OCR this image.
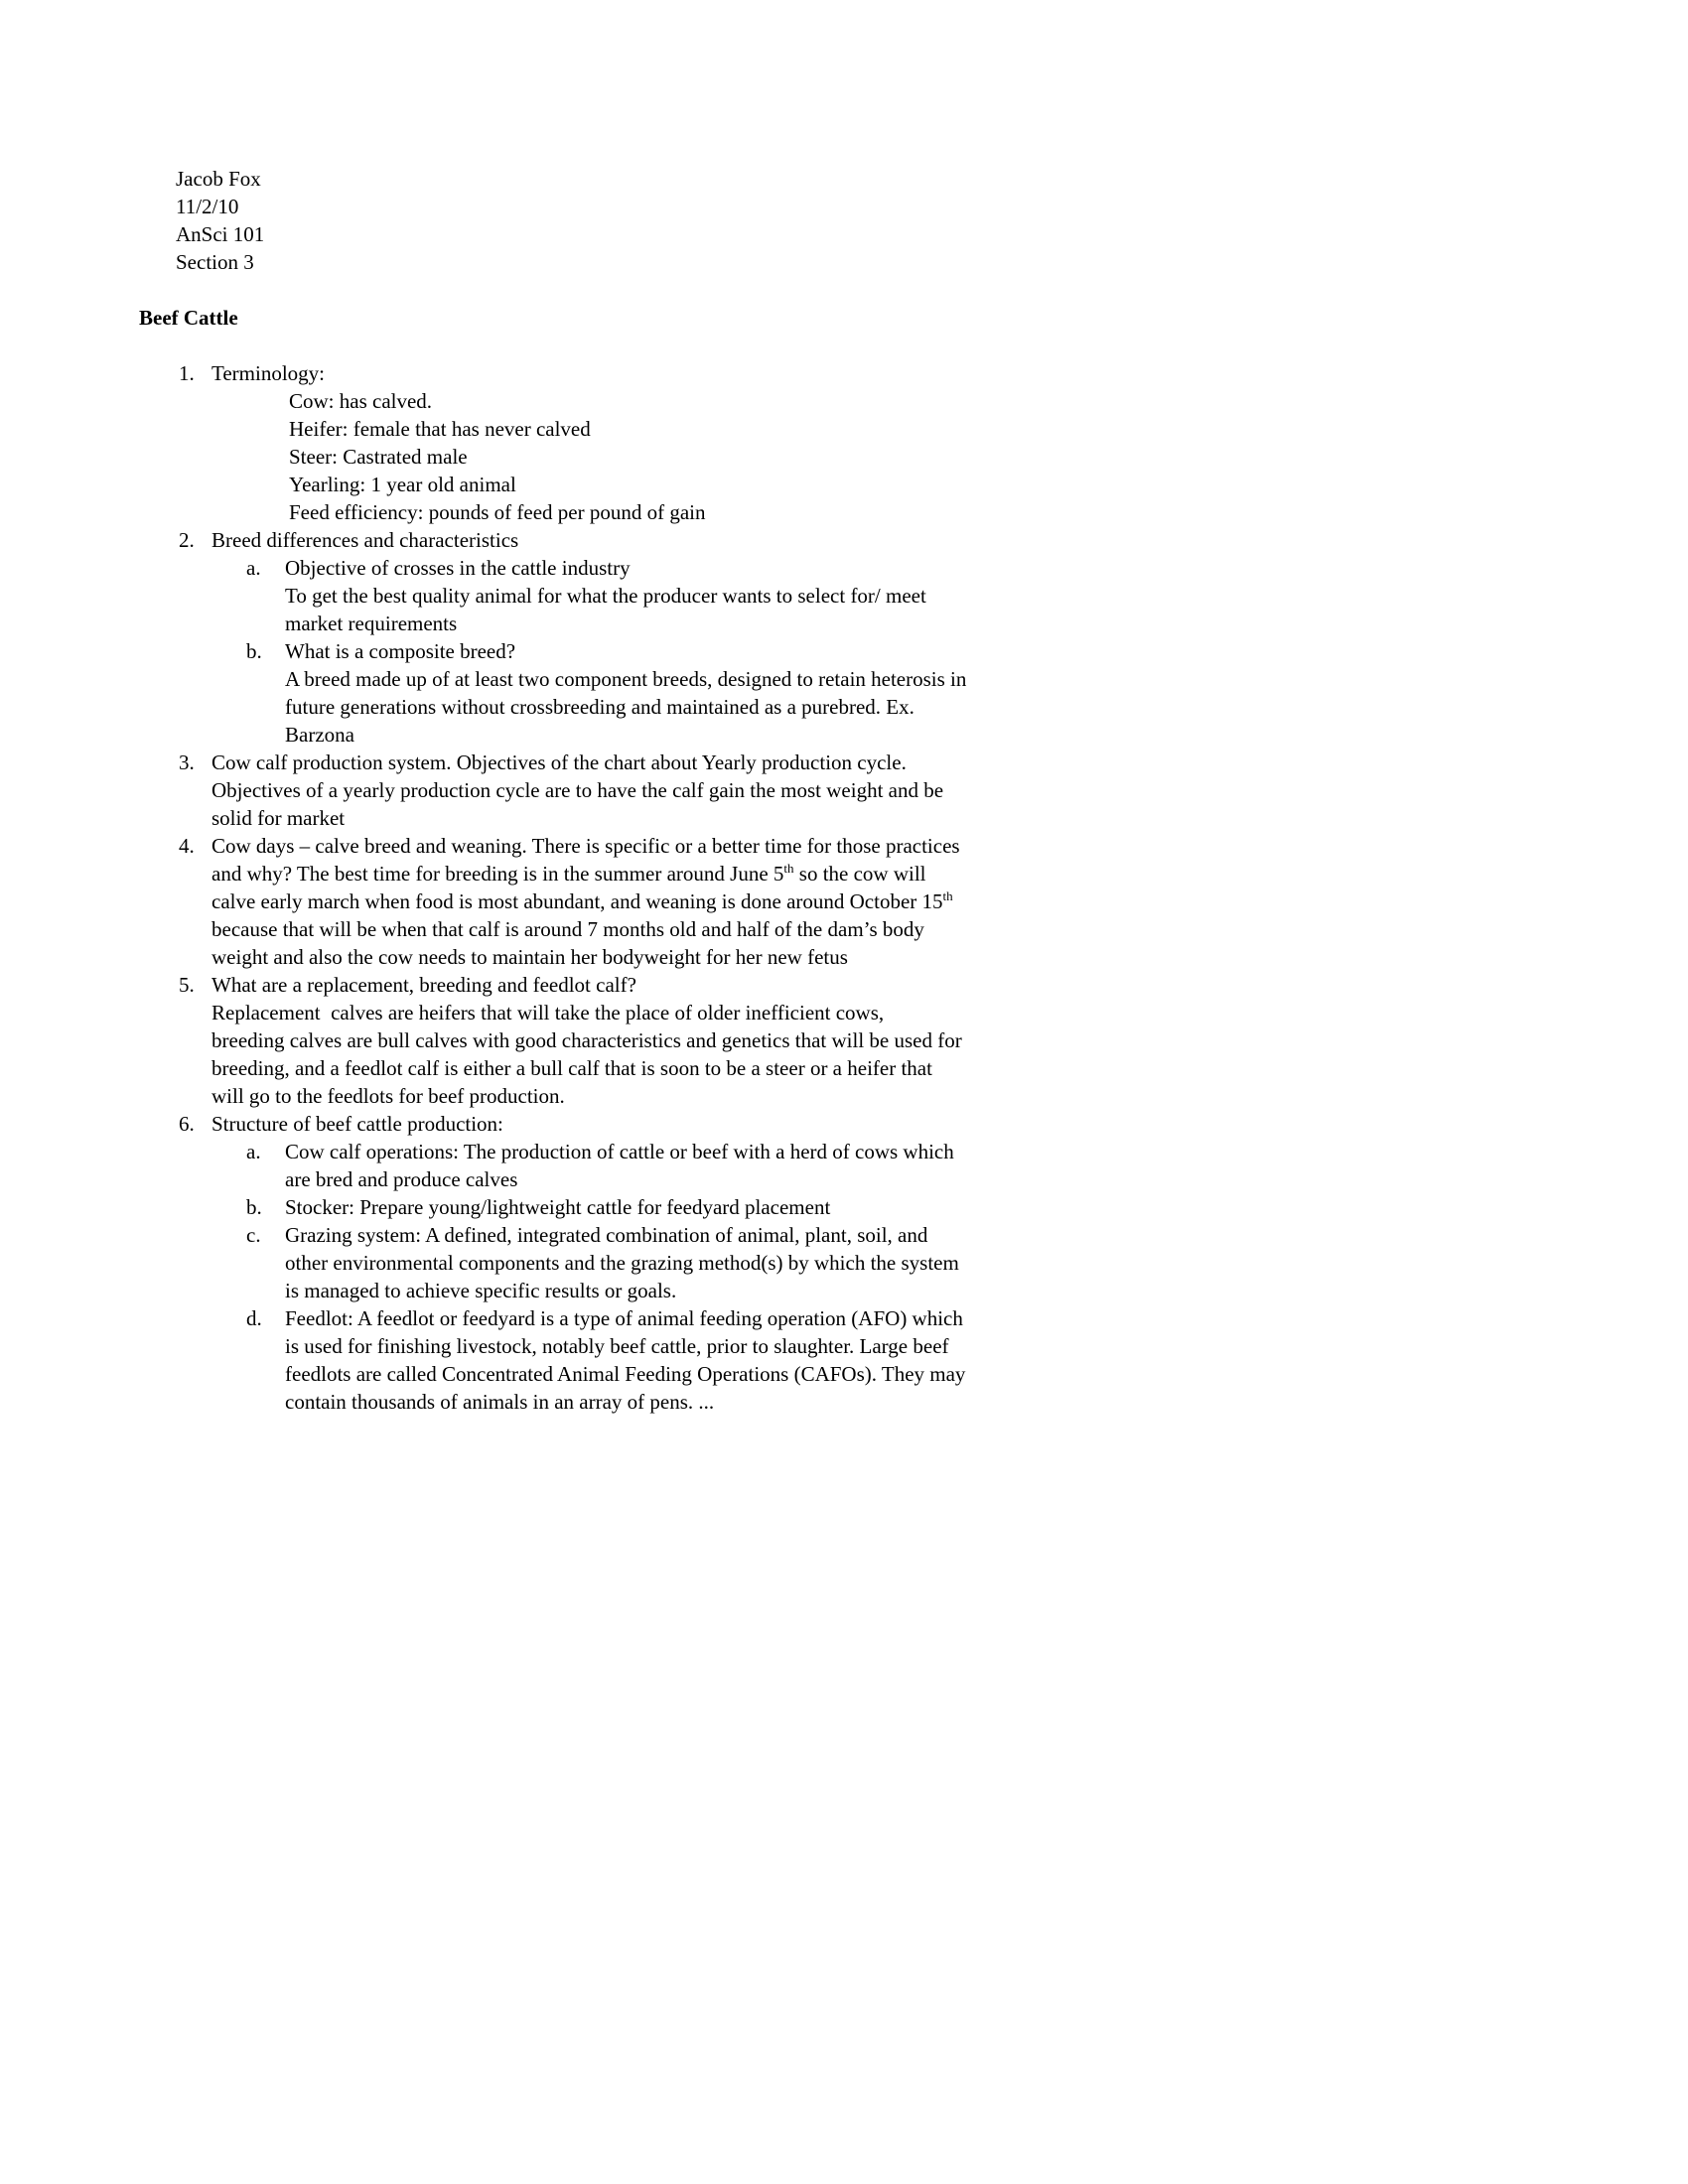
Jacob Fox
11/2/10
AnSci 101
Section 3
Beef Cattle
1. Terminology:
Cow: has calved.
Heifer: female that has never calved
Steer: Castrated male
Yearling: 1 year old animal
Feed efficiency: pounds of feed per pound of gain
2. Breed differences and characteristics
a. Objective of crosses in the cattle industry
To get the best quality animal for what the producer wants to select for/ meet
market requirements
b. What is a composite breed?
A breed made up of at least two component breeds, designed to retain heterosis in
future generations without crossbreeding and maintained as a purebred. Ex.
Barzona
3. Cow calf production system. Objectives of the chart about Yearly production cycle.
Objectives of a yearly production cycle are to have the calf gain the most weight and be
solid for market
4. Cow days – calve breed and weaning. There is specific or a better time for those practices
and why? The best time for breeding is in the summer around June 5th so the cow will
calve early march when food is most abundant, and weaning is done around October 15th
because that will be when that calf is around 7 months old and half of the dam’s body
weight and also the cow needs to maintain her bodyweight for her new fetus
5. What are a replacement, breeding and feedlot calf?
Replacement  calves are heifers that will take the place of older inefficient cows,
breeding calves are bull calves with good characteristics and genetics that will be used for
breeding, and a feedlot calf is either a bull calf that is soon to be a steer or a heifer that
will go to the feedlots for beef production.
6. Structure of beef cattle production:
a. Cow calf operations: The production of cattle or beef with a herd of cows which
are bred and produce calves
b. Stocker: Prepare young/lightweight cattle for feedyard placement
c. Grazing system: A defined, integrated combination of animal, plant, soil, and
other environmental components and the grazing method(s) by which the system
is managed to achieve specific results or goals.
d. Feedlot: A feedlot or feedyard is a type of animal feeding operation (AFO) which
is used for finishing livestock, notably beef cattle, prior to slaughter. Large beef
feedlots are called Concentrated Animal Feeding Operations (CAFOs). They may
contain thousands of animals in an array of pens. ...
